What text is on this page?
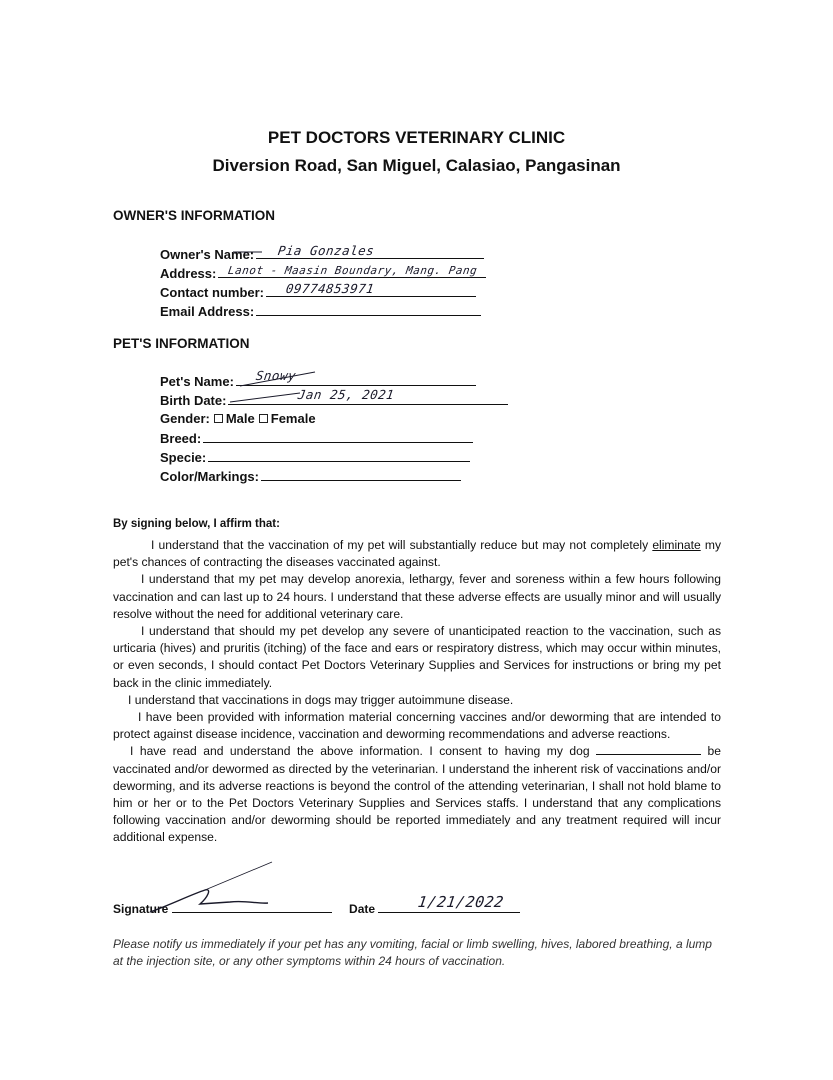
PET DOCTORS VETERINARY CLINIC
Diversion Road, San Miguel, Calasiao, Pangasinan
OWNER'S INFORMATION
Owner's Name: Pia Gonzales
Address: Lanot - Maasin Boundary, Mang. Pang
Contact number: 09774853971
Email Address:
PET'S INFORMATION
Pet's Name: Snowy
Birth Date:	Jan 25, 2021
Gender: Male Female
Breed:
Specie:
Color/Markings:
By signing below, I affirm that:

I understand that the vaccination of my pet will substantially reduce but may not completely eliminate my pet's chances of contracting the diseases vaccinated against.

I understand that my pet may develop anorexia, lethargy, fever and soreness within a few hours following vaccination and can last up to 24 hours. I understand that these adverse effects are usually minor and will usually resolve without the need for additional veterinary care.

I understand that should my pet develop any severe of unanticipated reaction to the vaccination, such as urticaria (hives) and pruritis (itching) of the face and ears or respiratory distress, which may occur within minutes, or even seconds, I should contact Pet Doctors Veterinary Supplies and Services for instructions or bring my pet back in the clinic immediately.

I understand that vaccinations in dogs may trigger autoimmune disease.

I have been provided with information material concerning vaccines and/or deworming that are intended to protect against disease incidence, vaccination and deworming recommendations and adverse reactions.

I have read and understand the above information. I consent to having my dog	be vaccinated and/or dewormed as directed by the veterinarian. I understand the inherent risk of vaccinations and/or deworming, and its adverse reactions is beyond the control of the attending veterinarian, I shall not hold blame to him or her or to the Pet Doctors Veterinary Supplies and Services staffs. I understand that any complications following vaccination and/or deworming should be reported immediately and any treatment required will incur additional expense.

Signature	Date	1/21/2022
Please notify us immediately if your pet has any vomiting, facial or limb swelling, hives, labored breathing, a lump at the injection site, or any other symptoms within 24 hours of vaccination.
